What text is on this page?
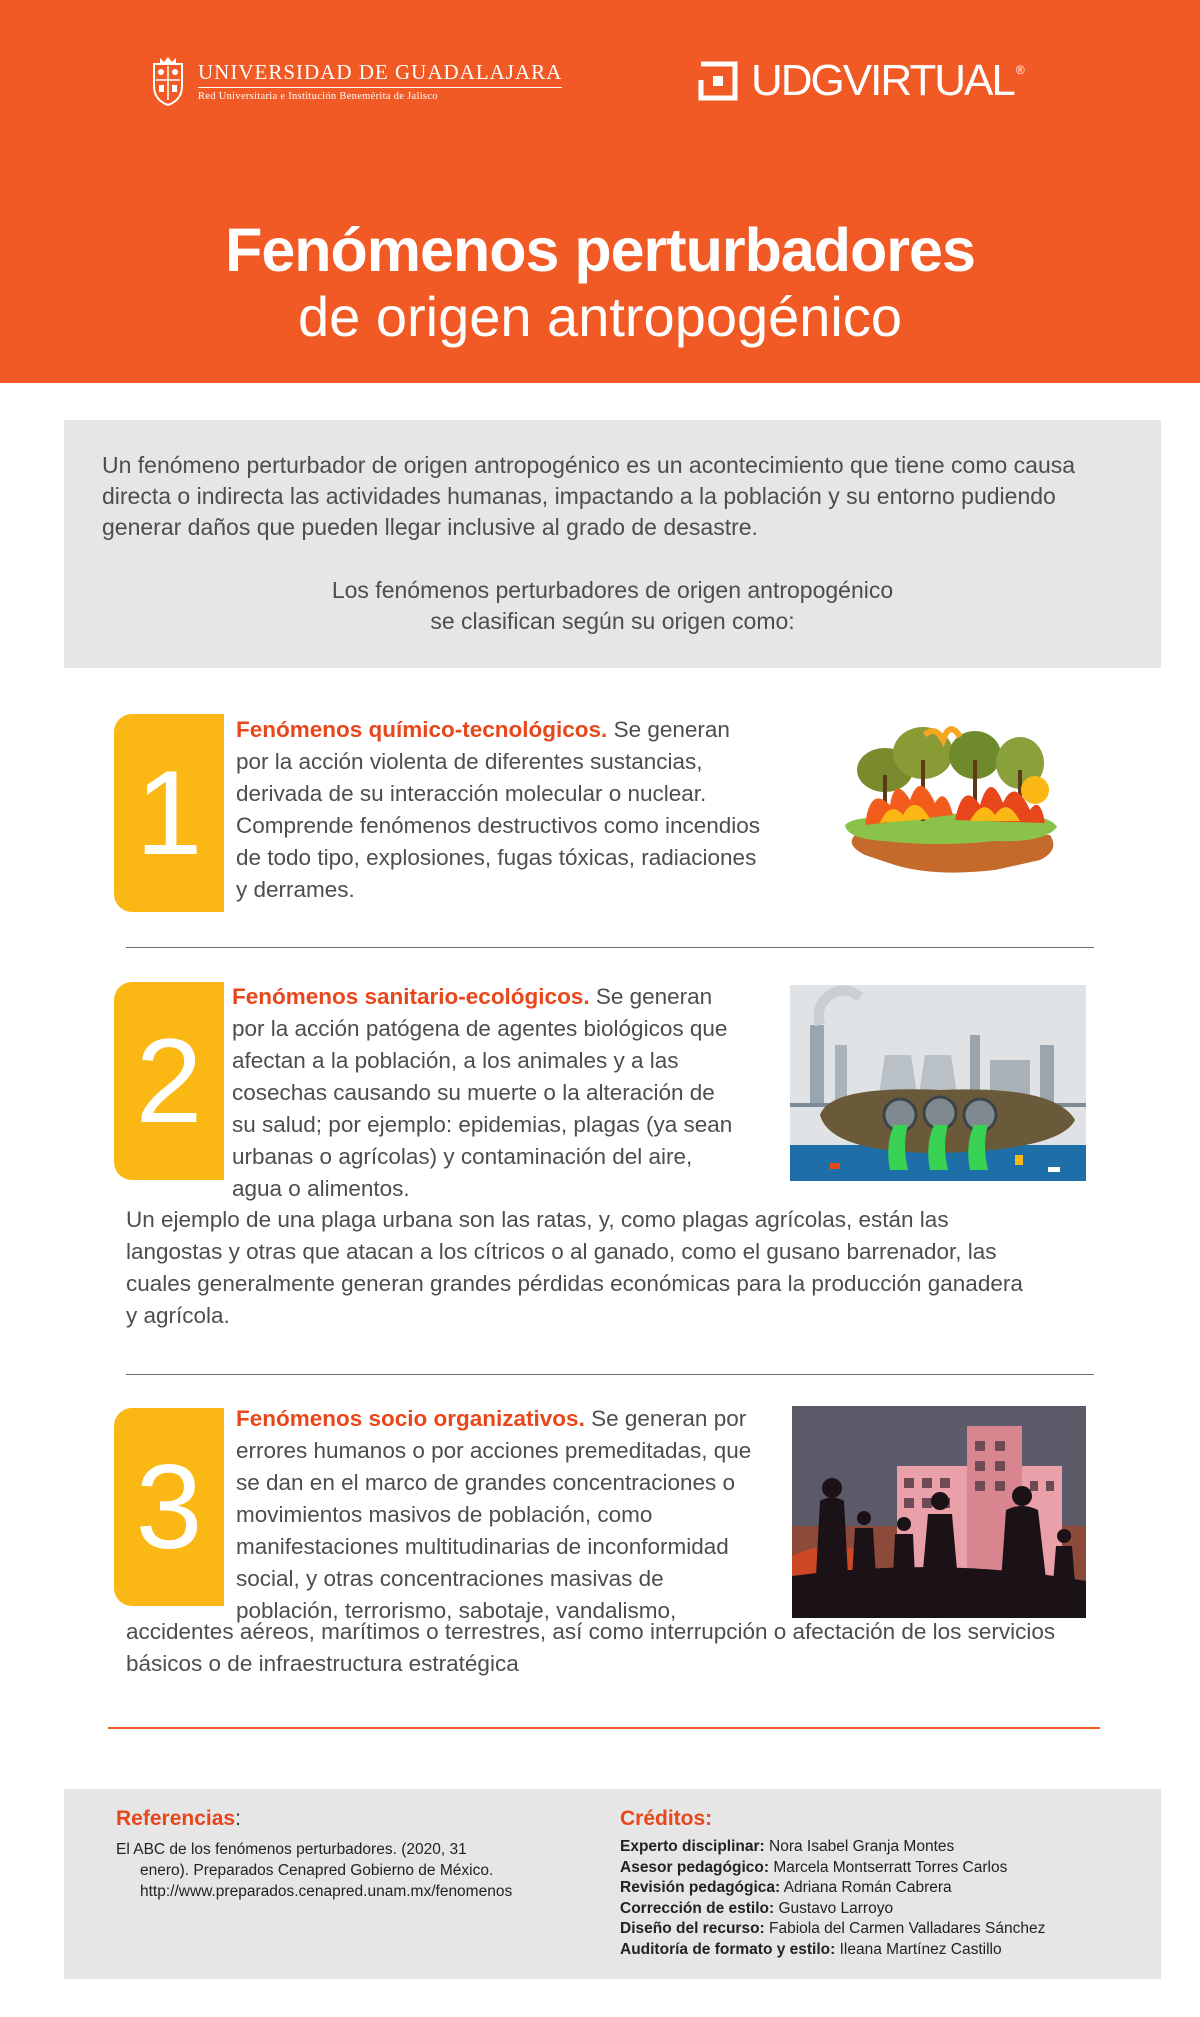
UNIVERSIDAD DE GUADALAJARA
Red Universitaria e Institución Benemérita de Jalisco	UDGVIRTUAL ®
Fenómenos perturbadores
de origen antropogénico
Un fenómeno perturbador de origen antropogénico es un acontecimiento que tiene como causa directa o indirecta las actividades humanas, impactando a la población y su entorno pudiendo generar daños que pueden llegar inclusive al grado de desastre.
Los fenómenos perturbadores de origen antropogénico
se clasifican según su origen como:
1
Fenómenos químico-tecnológicos. Se generan
por la acción violenta de diferentes sustancias,
derivada de su interacción molecular o nuclear.
Comprende fenómenos destructivos como incendios
de todo tipo, explosiones, fugas tóxicas, radiaciones
y derrames.
2
Fenómenos sanitario-ecológicos. Se generan
por la acción patógena de agentes biológicos que
afectan a la población, a los animales y a las
cosechas causando su muerte o la alteración de
su salud; por ejemplo: epidemias, plagas (ya sean
urbanas o agrícolas) y contaminación del aire,
agua o alimentos.
Un ejemplo de una plaga urbana son las ratas, y, como plagas agrícolas, están las
langostas y otras que atacan a los cítricos o al ganado, como el gusano barrenador, las
cuales generalmente generan grandes pérdidas económicas para la producción ganadera
y agrícola.
3
Fenómenos socio organizativos. Se generan por
errores humanos o por acciones premeditadas, que
se dan en el marco de grandes concentraciones o
movimientos masivos de población, como
manifestaciones multitudinarias de inconformidad
social, y otras concentraciones masivas de
población, terrorismo, sabotaje, vandalismo,
accidentes aéreos, marítimos o terrestres, así como interrupción o afectación de los servicios
básicos o de infraestructura estratégica
Referencias:
El ABC de los fenómenos perturbadores. (2020, 31
enero). Preparados Cenapred Gobierno de México.
http://www.preparados.cenapred.unam.mx/fenomenos
Créditos:
Experto disciplinar: Nora Isabel Granja Montes
Asesor pedagógico: Marcela Montserratt Torres Carlos
Revisión pedagógica: Adriana Román Cabrera
Corrección de estilo: Gustavo Larroyo
Diseño del recurso: Fabiola del Carmen Valladares Sánchez
Auditoría de formato y estilo: Ileana Martínez Castillo
